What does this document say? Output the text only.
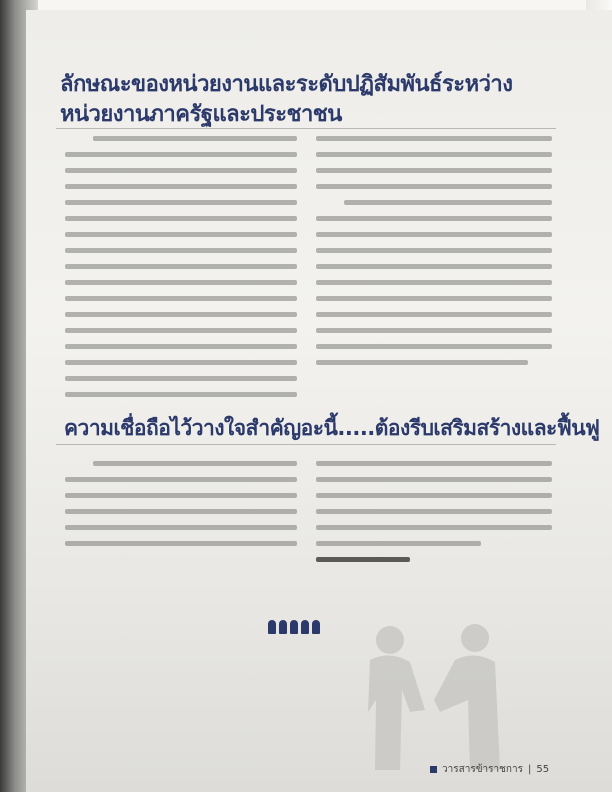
ลักษณะของหน่วยงานและระดับปฏิสัมพันธ์ระหว่าง
หน่วยงานภาครัฐและประชาชน
ความเชื่อถือไว้วางใจสำคัญอะนี้.....ต้องรีบเสริมสร้างและฟื้นฟู
วารสารข้าราชการ | 55
